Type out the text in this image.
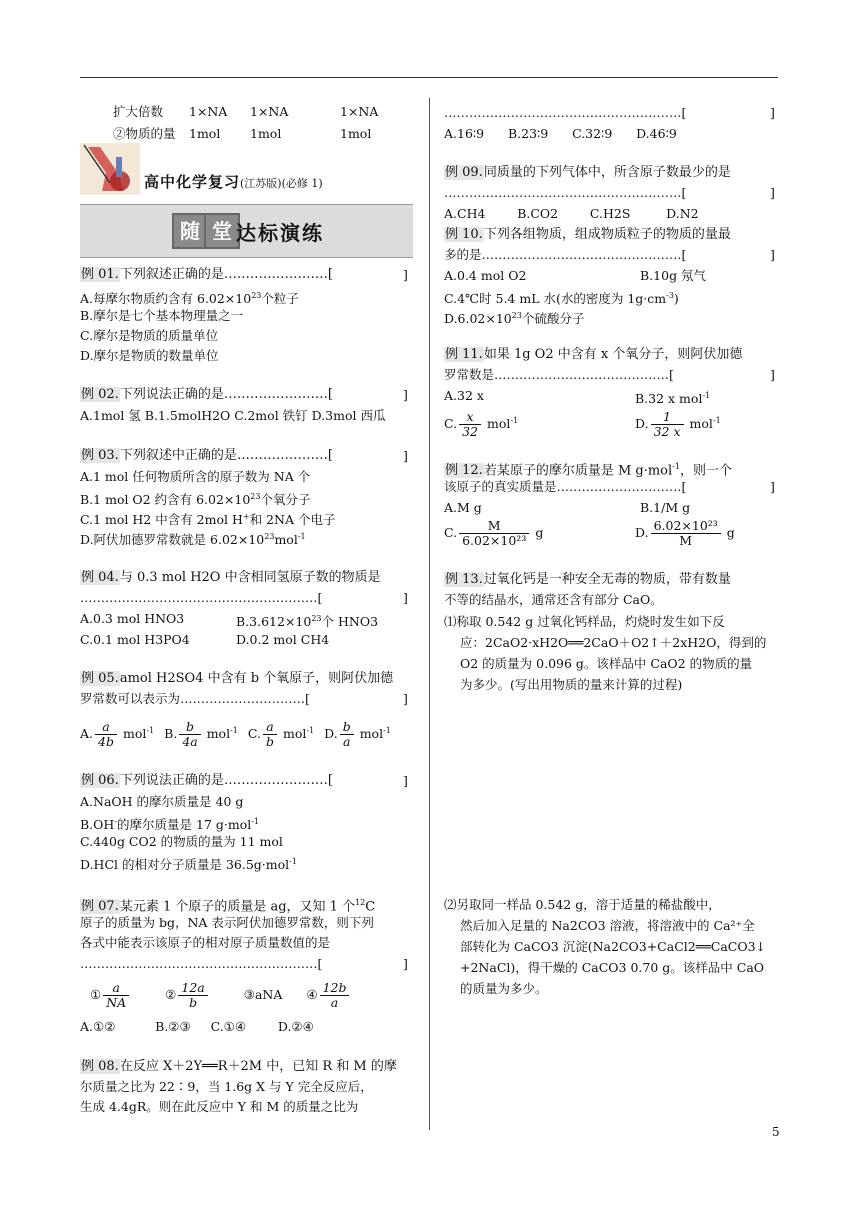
扩大倍数 1×NA 1×NA	1×NA
②物质的量 1mol 1mol	1mol
高中化学复习(江苏版)(必修 1)
随 堂 达标演练
例 01.下列叙述正确的是……………………[	]
A.每摩尔物质约含有 $6.02\times 10^{23}$个粒子
B.摩尔是七个基本物理量之一
C.摩尔是物质的质量单位
D.摩尔是物质的数量单位
例 02.下列说法正确的是……………………[	]
A.1mol 氢 B.1.5molH2O C.2mol 铁钉 D.3mol 西瓜
例 03.下列叙述中正确的是…………………[	]
A.1 mol 任何物质所含的原子数为 NA 个
B.1 mol O2 约含有 $6.02\times 10^{23}$个氧分子
C.1 mol H2 中含有 2mol H+和 2NA 个电子
D.阿伏加德罗常数就是 $6.02\times 10^{23}mol^{-1}$
例 04.与 0.3 mol H2O 中含相同氢原子数的物质是
…………………………………………………[	]
A.0.3 mol HNO3	$B.3.612\times 10^{23}$个 HNO3
C.0.1 mol H3PO4	D.0.2 mol CH4
例 05.amol H2SO4 中含有 b 个氧原子，则阿伏加德
罗常数可以表示为…………………………[	]
A. $\frac{a}{4b} mol^{-1}$ B. $\frac{b}{4a} mol^{-1}$ C. $\frac{a}{b} mol^{-1}$ D. $\frac{b}{a} mol^{-1}$
例 06.下列说法正确的是……………………[	]
A.NaOH 的摩尔质量是 40 g
B.OH-的摩尔质量是 17 g·mol$^{-1}$
C.440g CO2 的物质的量为 11 mol
D.HCl 的相对分子质量是 36.5g·mol$^{-1}$
例 07.某元素 1 个原子的质量是 ag，又知 1 个$^{12}$C
原子的质量为 bg，NA 表示阿伏加德罗常数，则下列
各式中能表示该原子的相对原子质量数值的是
…………………………………………………[	]
① $\frac{a}{NA}$	② $\frac{12a}{b}$	③aNA ④ $\frac{12b}{a}$
A.①②          B.②③     C.①④        D.②④
例 08.在反应 X＋2Y══R＋2M 中，已知 R 和 M 的摩
尔质量之比为 22∶9，当 1.6g X 与 Y 完全反应后，
生成 4.4gR。则在此反应中 Y 和 M 的质量之比为
…………………………………………………[	]
A.16∶9      B.23∶9      C.32∶9      D.46∶9
例 09.同质量的下列气体中，所含原子数最少的是
…………………………………………………[	]
A.CH4        B.CO2        C.H2S         D.N2
例 10.下列各组物质，组成物质粒子的物质的量最
多的是…………………………………………[	]
A.0.4 mol O2	B.10g 氖气
C.4℃时 5.4 mL 水(水的密度为 $1g\cdot cm^{-3}$)
$D.6.02\times 10^{23}$个硫酸分子
例 11.如果 1g O2 中含有 x 个氧分子，则阿伏加德
罗常数是……………………………………[	]
A.32 x	B.32 x mol$^{-1}$
C. $\frac{x}{32} mol^{-1}$	D. $\frac{1}{32 x} mol^{-1}$
例 12.若某原子的摩尔质量是 M g·mol$^{-1}$，则一个
该原子的真实质量是…………………………[	]
A.M g	B.1/M g
C. $\frac{M}{\text{6.02×10²³}}$ g	D. $\frac{\text{6.02×10²³}}{M}$ g
例 13.过氧化钙是一种安全无毒的物质，带有数量
不等的结晶水，通常还含有部分 CaO。
⑴称取 0.542 g 过氧化钙样品，灼烧时发生如下反
应：2CaO2·xH2O══2CaO＋O2↑＋2xH2O，得到的
O2 的质量为 0.096 g。该样品中 CaO2 的物质的量
为多少。(写出用物质的量来计算的过程)
⑵另取同一样品 0.542 g，溶于适量的稀盐酸中，
然后加入足量的 Na2CO3 溶液，将溶液中的 Ca²⁺全
部转化为 CaCO3 沉淀(Na2CO3+CaCl2══CaCO3↓
+2NaCl)，得干燥的 CaCO3 0.70 g。该样品中 CaO
的质量为多少。
5
